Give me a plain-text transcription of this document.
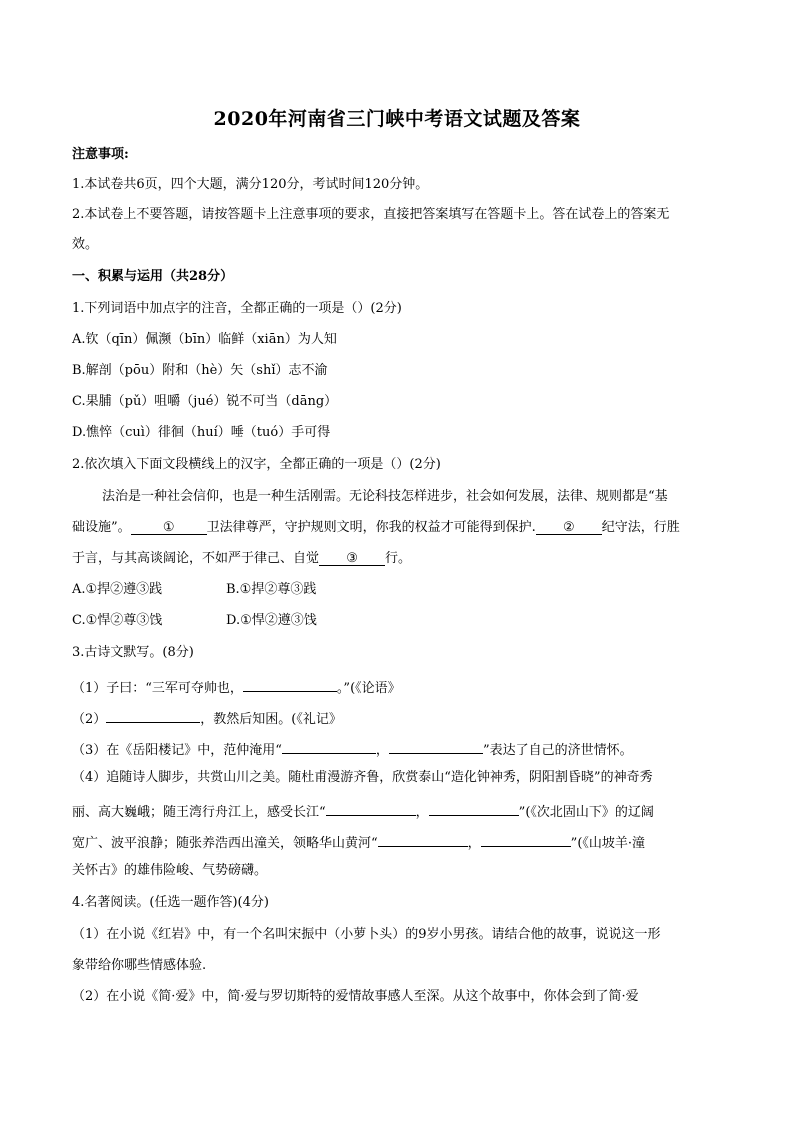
2020年河南省三门峡中考语文试题及答案
注意事项:
1.本试卷共6页，四个大题，满分120分，考试时间120分钟。
2.本试卷上不要答题，请按答题卡上注意事项的要求，直接把答案填写在答题卡上。答在试卷上的答案无
效。
一、积累与运用（共28分）
1.下列词语中加点字的注音，全都正确的一项是（）(2分)
A.钦（qīn）佩濒（bīn）临鲜（xiān）为人知
B.解剖（pōu）附和（hè）矢（shǐ）志不渝
C.果脯（pǔ）咀嚼（jué）锐不可当（dāng）
D.憔悴（cuì）徘徊（huí）唾（tuó）手可得
2.依次填入下面文段横线上的汉字，全都正确的一项是（）(2分)
法治是一种社会信仰，也是一种生活刚需。无论科技怎样进步，社会如何发展，法律、规则都是“基
础设施”。 ① 卫法律尊严，守护规则文明，你我的权益才可能得到保护. ② 纪守法，行胜
于言，与其高谈阔论，不如严于律己、自觉 ③ 行。
A.①捍②遵③践	B.①捍②尊③践
C.①悍②尊③饯	D.①悍②遵③饯
3.古诗文默写。(8分)
（1）子曰：“三军可夺帅也，	。”(《论语》
（2）	，教然后知困。(《礼记》
（3）在《岳阳楼记》中，范仲淹用“	，	”表达了自己的济世情怀。
（4）追随诗人脚步，共赏山川之美。随杜甫漫游齐鲁，欣赏泰山“造化钟神秀，阴阳割昏晓”的神奇秀
丽、高大巍峨；随王湾行舟江上，感受长江“	，	”(《次北固山下》的辽阔
宽广、波平浪静；随张养浩西出潼关，领略华山黄河“	，	”(《山坡羊·潼
关怀古》的雄伟险峻、气势磅礴。
4.名著阅读。(任选一题作答)(4分)
（1）在小说《红岩》中，有一个名叫宋振中（小萝卜头）的9岁小男孩。请结合他的故事，说说这一形
象带给你哪些情感体验.
（2）在小说《简·爱》中，简·爱与罗切斯特的爱情故事感人至深。从这个故事中，你体会到了简·爱
